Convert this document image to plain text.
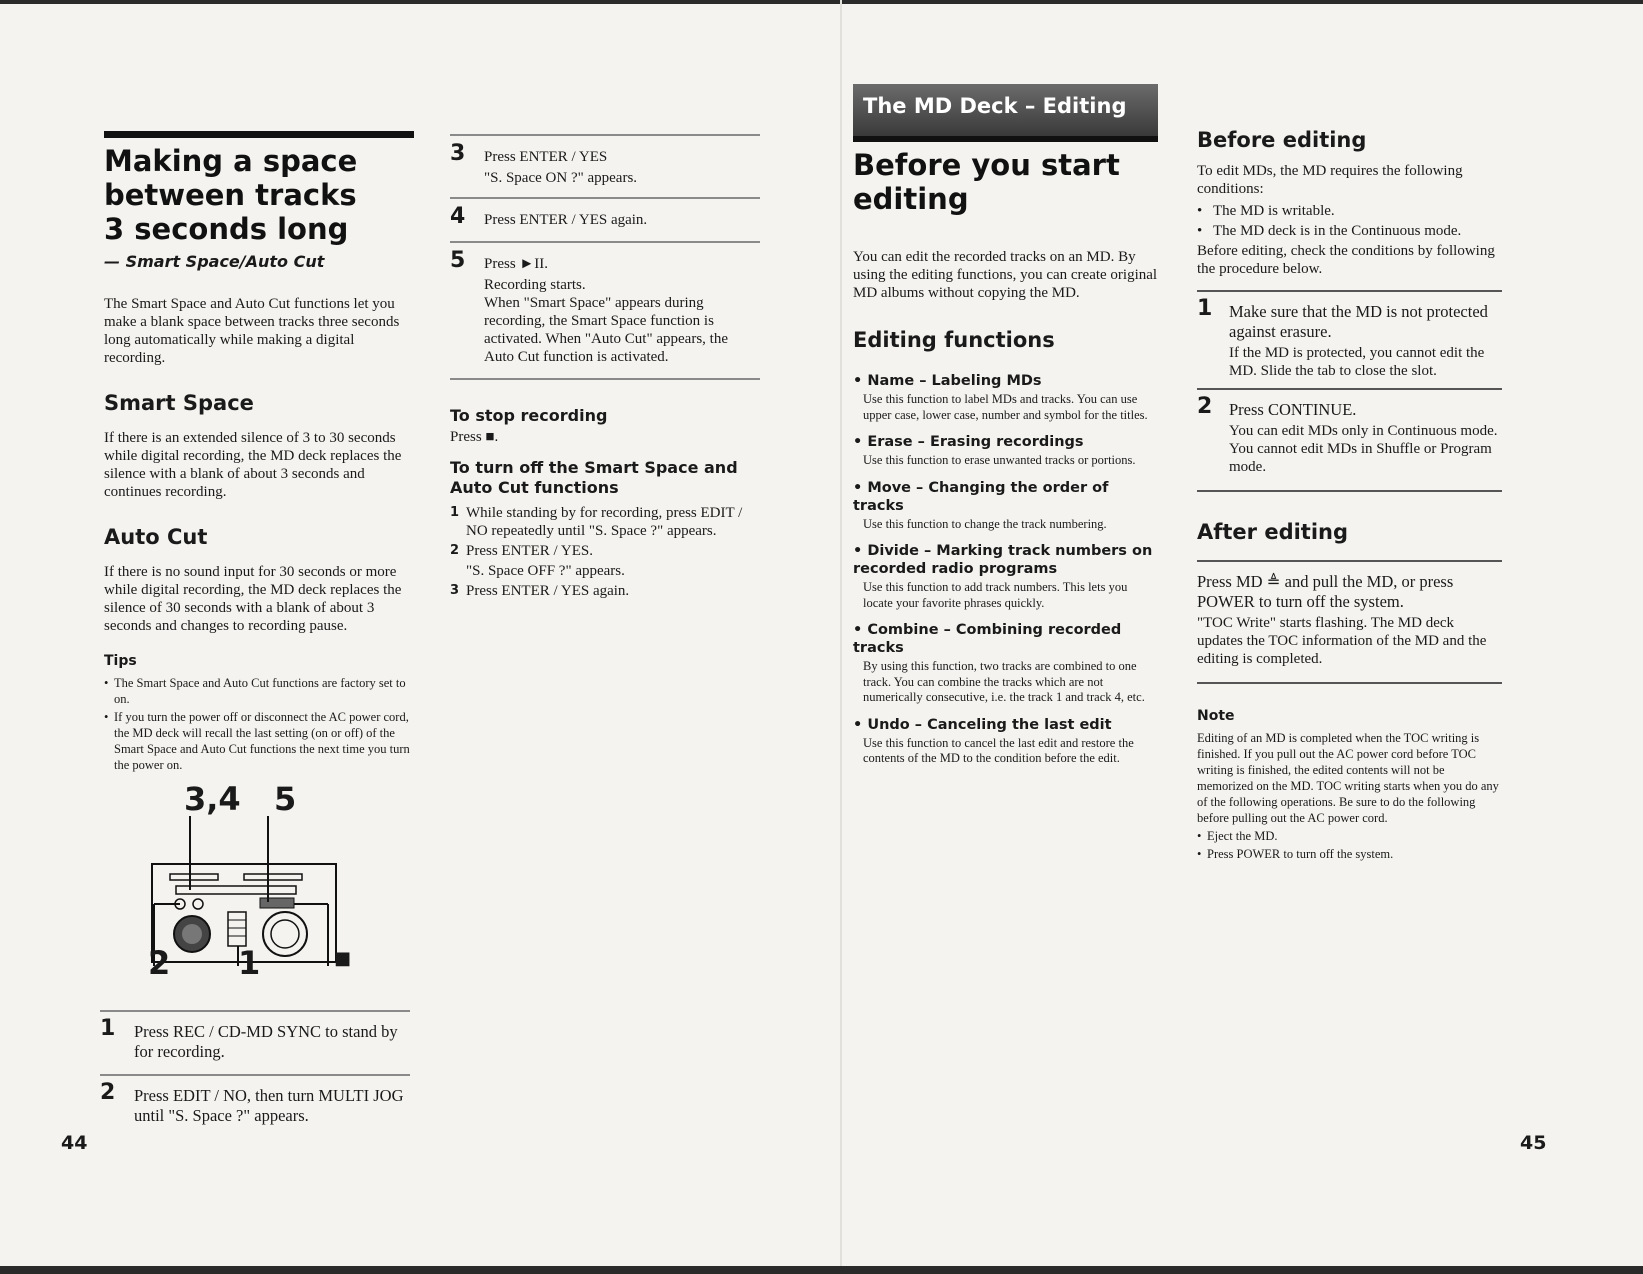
Making a space
between tracks
3 seconds long

— Smart Space/Auto Cut

The Smart Space and Auto Cut functions let you make a blank space between tracks three seconds long automatically while making a digital recording.

Smart Space

If there is an extended silence of 3 to 30 seconds while digital recording, the MD deck replaces the silence with a blank of about 3 seconds and continues recording.

Auto Cut

If there is no sound input for 30 seconds or more while digital recording, the MD deck replaces the silence of 30 seconds with a blank of about 3 seconds and changes to recording pause.

Tips

• The Smart Space and Auto Cut functions are factory set to on.

• If you turn the power off or disconnect the AC power cord, the MD deck will recall the last setting (on or off) of the Smart Space and Auto Cut functions the next time you turn the power on.

3,4 5
2 1	■
1 Press REC / CD-MD SYNC to stand by for recording.
2 Press EDIT / NO, then turn MULTI JOG until "S. Space ?" appears.
44
3 Press ENTER / YES

"S. Space ON ?" appears.

4 Press ENTER / YES again.
5 Press ►II.

Recording starts.
When "Smart Space" appears during recording, the Smart Space function is activated. When "Auto Cut" appears, the Auto Cut function is activated.

To stop recording

Press ■.

To turn off the Smart Space and Auto Cut functions
1 While standing by for recording, press EDIT / NO repeatedly until "S. Space ?" appears.
2 Press ENTER / YES.

"S. Space OFF ?" appears.

3 Press ENTER / YES again.
The MD Deck – Editing
Before you start
editing

You can edit the recorded tracks on an MD. By using the editing functions, you can create original MD albums without copying the MD.

Editing functions
• Name – Labeling MDs

Use this function to label MDs and tracks. You can use upper case, lower case, number and symbol for the titles.

• Erase – Erasing recordings

Use this function to erase unwanted tracks or portions.

• Move – Changing the order of tracks

Use this function to change the track numbering.

• Divide – Marking track numbers on recorded radio programs

Use this function to add track numbers. This lets you locate your favorite phrases quickly.

• Combine – Combining recorded tracks

By using this function, two tracks are combined to one track. You can combine the tracks which are not numerically consecutive, i.e. the track 1 and track 4, etc.

• Undo – Canceling the last edit

Use this function to cancel the last edit and restore the contents of the MD to the condition before the edit.

Before editing

To edit MDs, the MD requires the following conditions:

• The MD is writable.

• The MD deck is in the Continuous mode.

Before editing, check the conditions by following the procedure below.

1 Make sure that the MD is not protected against erasure.

If the MD is protected, you cannot edit the MD. Slide the tab to close the slot.

2 Press CONTINUE.

You can edit MDs only in Continuous mode. You cannot edit MDs in Shuffle or Program mode.

After editing

Press MD ≜ and pull the MD, or press POWER to turn off the system.

"TOC Write" starts flashing. The MD deck updates the TOC information of the MD and the editing is completed.

Note

Editing of an MD is completed when the TOC writing is finished. If you pull out the AC power cord before TOC writing is finished, the edited contents will not be memorized on the MD. TOC writing starts when you do any of the following operations. Be sure to do the following before pulling out the AC power cord.

• Eject the MD.

• Press POWER to turn off the system.

45
